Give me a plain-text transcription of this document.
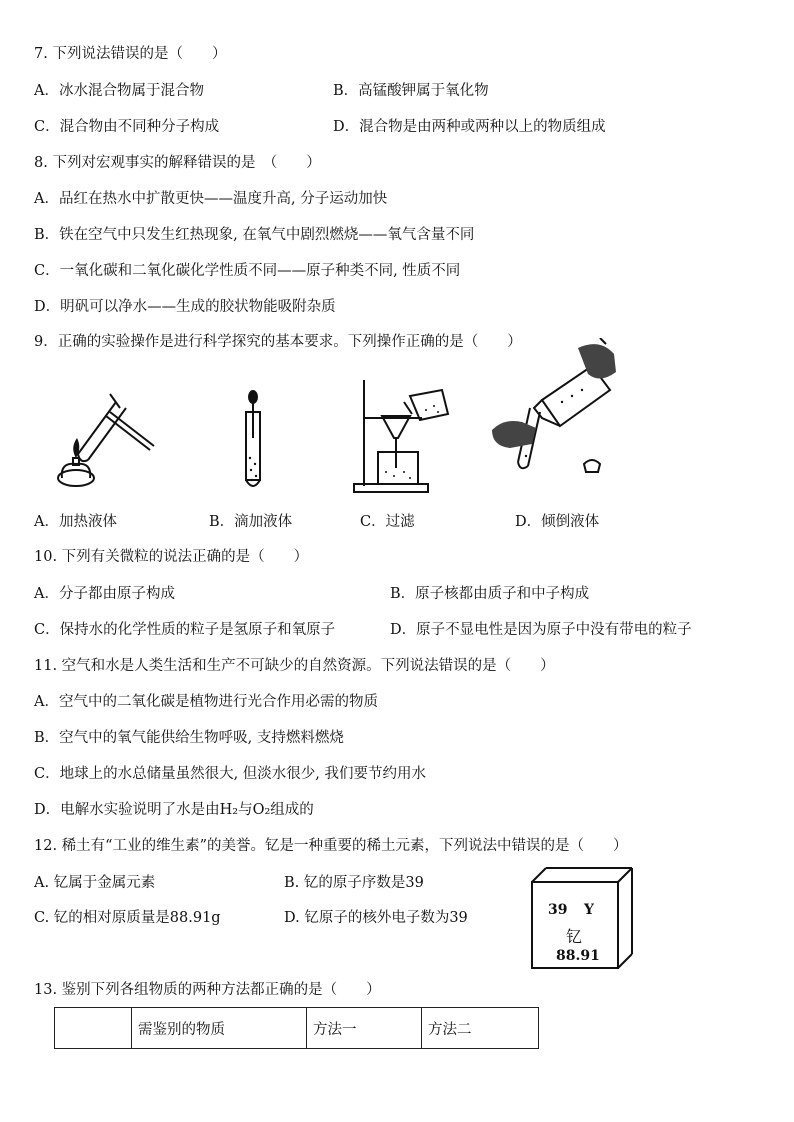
7. 下列说法错误的是（　　）
A．冰水混合物属于混合物	B．高锰酸钾属于氧化物
C．混合物由不同种分子构成	D．混合物是由两种或两种以上的物质组成
8. 下列对宏观事实的解释错误的是　（　　）
A．品红在热水中扩散更快——温度升高, 分子运动加快
B．铁在空气中只发生红热现象, 在氧气中剧烈燃烧——氧气含量不同
C．一氧化碳和二氧化碳化学性质不同——原子种类不同, 性质不同
D．明矾可以净水——生成的胶状物能吸附杂质
9．正确的实验操作是进行科学探究的基本要求。下列操作正确的是（　　）
A．加热液体	B．滴加液体	C．过滤	D．倾倒液体
10. 下列有关微粒的说法正确的是（　　）
A．分子都由原子构成	B．原子核都由质子和中子构成
C．保持水的化学性质的粒子是氢原子和氧原子	D．原子不显电性是因为原子中没有带电的粒子
11. 空气和水是人类生活和生产不可缺少的自然资源。下列说法错误的是（　　）
A．空气中的二氧化碳是植物进行光合作用必需的物质
B．空气中的氧气能供给生物呼吸, 支持燃料燃烧
C．地球上的水总储量虽然很大, 但淡水很少, 我们要节约用水
D．电解水实验说明了水是由H₂与O₂组成的
12. 稀土有“工业的维生素”的美誉。钇是一种重要的稀土元素，下列说法中错误的是（　　）
A. 钇属于金属元素	B. 钇的原子序数是39
C. 钇的相对原质量是88.91g	D. 钇原子的核外电子数为39	39 Y
钇
88.91
13. 鉴别下列各组物质的两种方法都正确的是（　　）
	需鉴别的物质	方法一	方法二
